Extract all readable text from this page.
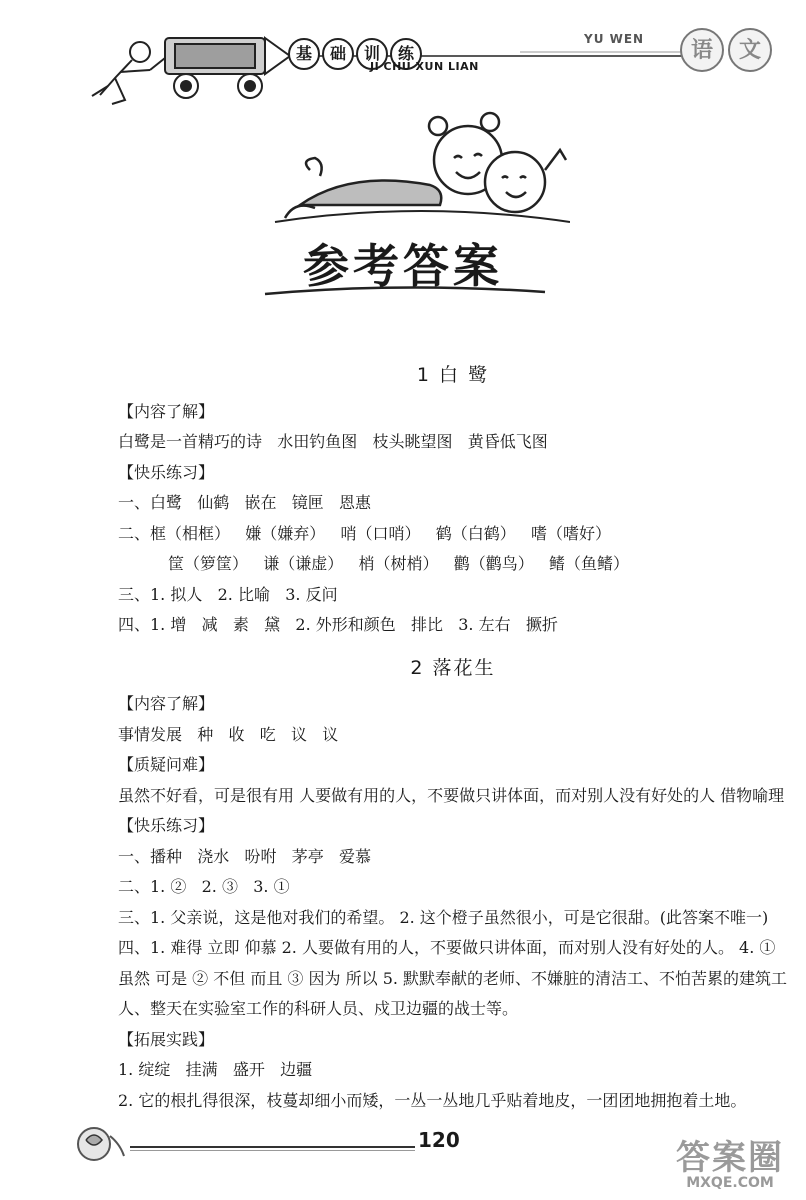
基	础	训	练
JI CHU XUN LIAN
YU WEN	语	文
参考答案
1 白 鹭

【内容了解】

白鹭是一首精巧的诗   水田钓鱼图   枝头眺望图   黄昏低飞图

【快乐练习】

一、白鹭   仙鹤   嵌在   镜匣   恩惠

二、框（相框）   嫌（嫌弃）   哨（口哨）   鹤（白鹤）   嗜（嗜好）

筐（箩筐）   谦（谦虚）   梢（树梢）   鹳（鹳鸟）   鳍（鱼鳍）

三、1. 拟人   2. 比喻   3. 反问

四、1. 增   减   素   黛   2. 外形和颜色   排比   3. 左右   撅折

2 落花生

【内容了解】

事情发展   种   收   吃   议   议

【质疑问难】

虽然不好看，可是很有用 人要做有用的人，不要做只讲体面，而对别人没有好处的人 借物喻理

【快乐练习】

一、播种   浇水   吩咐   茅亭   爱慕

二、1. ②   2. ③   3. ①

三、1. 父亲说，这是他对我们的希望。 2. 这个橙子虽然很小，可是它很甜。(此答案不唯一)

四、1. 难得 立即 仰慕 2. 人要做有用的人，不要做只讲体面，而对别人没有好处的人。 4. ① 虽然 可是 ② 不但 而且 ③ 因为 所以 5. 默默奉献的老师、不嫌脏的清洁工、不怕苦累的建筑工人、整天在实验室工作的科研人员、戍卫边疆的战士等。

【拓展实践】

1. 绽绽   挂满   盛开   边疆

2. 它的根扎得很深，枝蔓却细小而矮，一丛一丛地几乎贴着地皮，一团团地拥抱着土地。

120	答案圈
MXQE.COM
